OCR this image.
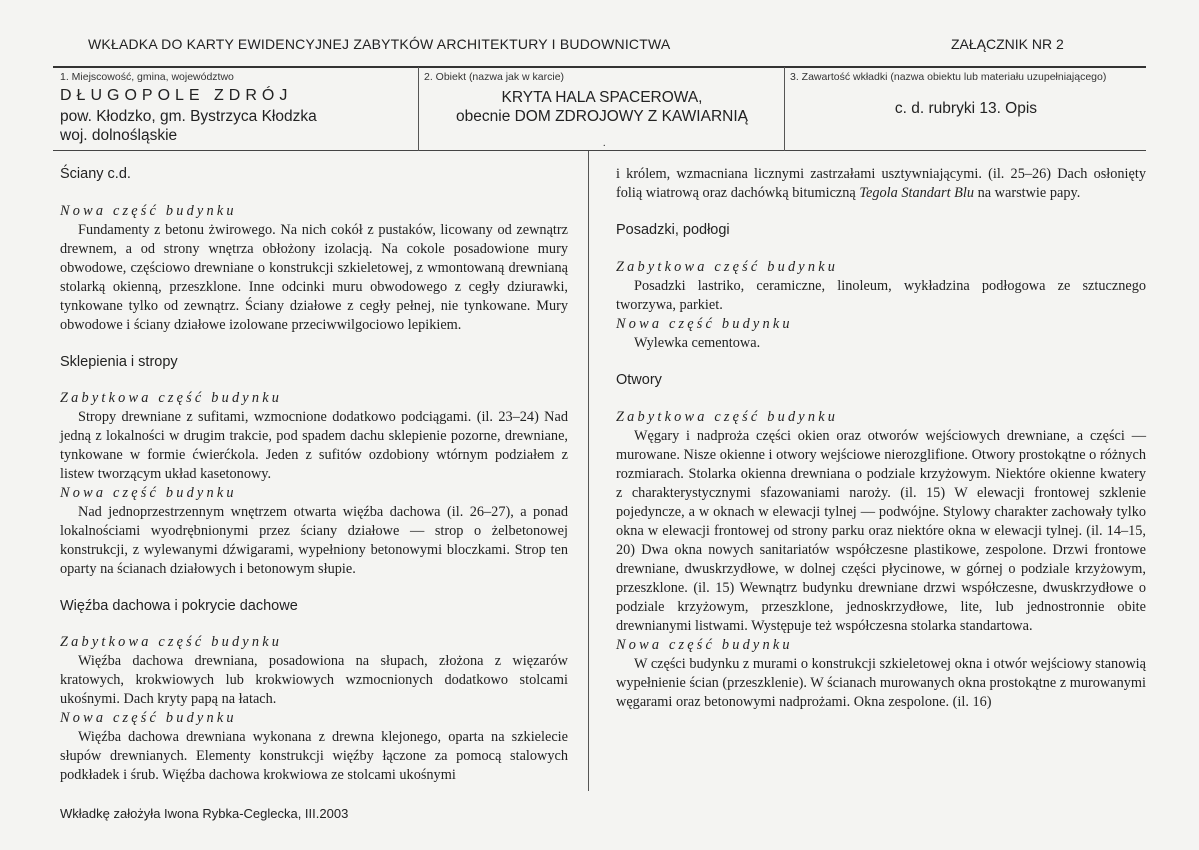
WKŁADKA DO KARTY EWIDENCYJNEJ ZABYTKÓW ARCHITEKTURY I BUDOWNICTWA	ZAŁĄCZNIK NR 2
1. Miejscowość, gmina, województwo
DŁUGOPOLE ZDRÓJ
pow. Kłodzko, gm. Bystrzyca Kłodzka
woj. dolnośląskie
2. Obiekt (nazwa jak w karcie)
KRYTA HALA SPACEROWA,
obecnie DOM ZDROJOWY Z KAWIARNIĄ
.
3. Zawartość wkładki (nazwa obiektu lub materiału uzupełniającego)
c. d. rubryki 13. Opis

Ściany c.d.

Nowa część budynku

Fundamenty z betonu żwirowego. Na nich cokół z pustaków, licowany od zewnątrz drewnem, a od strony wnętrza obłożony izolacją. Na cokole posadowione mury obwodowe, częściowo drewniane o konstrukcji szkieletowej, z wmontowaną drewnianą stolarką okienną, przeszklone. Inne odcinki muru obwodowego z cegły dziurawki, tynkowane tylko od zewnątrz. Ściany działowe z cegły pełnej, nie tynkowane. Mury obwodowe i ściany działowe izolowane przeciwwilgociowo lepikiem.

Sklepienia i stropy

Zabytkowa część budynku

Stropy drewniane z sufitami, wzmocnione dodatkowo podciągami. (il. 23–24) Nad jedną z lokalności w drugim trakcie, pod spadem dachu sklepienie pozorne, drewniane, tynkowane w formie ćwierćkola. Jeden z sufitów ozdobiony wtórnym podziałem z listew tworzącym układ kasetonowy.

Nowa część budynku

Nad jednoprzestrzennym wnętrzem otwarta więźba dachowa (il. 26–27), a ponad lokalnościami wyodrębnionymi przez ściany działowe — strop o żelbetonowej konstrukcji, z wylewanymi dźwigarami, wypełniony betonowymi bloczkami. Strop ten oparty na ścianach działowych i betonowym słupie.

Więźba dachowa i pokrycie dachowe

Zabytkowa część budynku

Więźba dachowa drewniana, posadowiona na słupach, złożona z więzarów kratowych, krokwiowych lub krokwiowych wzmocnionych dodatkowo stolcami ukośnymi. Dach kryty papą na łatach.

Nowa część budynku

Więźba dachowa drewniana wykonana z drewna klejonego, oparta na szkielecie słupów drewnianych. Elementy konstrukcji więźby łączone za pomocą stalowych podkładek i śrub. Więźba dachowa krokwiowa ze stolcami ukośnymi

i królem, wzmacniana licznymi zastrzałami usztywniającymi. (il. 25–26) Dach osłonięty folią wiatrową oraz dachówką bitumiczną Tegola Standart Blu na warstwie papy.

Posadzki, podłogi

Zabytkowa część budynku

Posadzki lastriko, ceramiczne, linoleum, wykładzina podłogowa ze sztucznego tworzywa, parkiet.

Nowa część budynku

Wylewka cementowa.

Otwory

Zabytkowa część budynku

Węgary i nadproża części okien oraz otworów wejściowych drewniane, a części — murowane. Nisze okienne i otwory wejściowe nierozglifione. Otwory prostokątne o różnych rozmiarach. Stolarka okienna drewniana o podziale krzyżowym. Niektóre okienne kwatery z charakterystycznymi sfazowaniami naroży. (il. 15) W elewacji frontowej szklenie pojedyncze, a w oknach w elewacji tylnej — podwójne. Stylowy charakter zachowały tylko okna w elewacji frontowej od strony parku oraz niektóre okna w elewacji tylnej. (il. 14–15, 20) Dwa okna nowych sanitariatów współczesne plastikowe, zespolone. Drzwi frontowe drewniane, dwuskrzydłowe, w dolnej części płycinowe, w górnej o podziale krzyżowym, przeszklone. (il. 15) Wewnątrz budynku drewniane drzwi współczesne, dwuskrzydłowe o podziale krzyżowym, przeszklone, jednoskrzydłowe, lite, lub jednostronnie obite drewnianymi listwami. Występuje też współczesna stolarka standartowa.

Nowa część budynku

W części budynku z murami o konstrukcji szkieletowej okna i otwór wejściowy stanowią wypełnienie ścian (przeszklenie). W ścianach murowanych okna prostokątne z murowanymi węgarami oraz betonowymi nadprożami. Okna zespolone. (il. 16)

Wkładkę założyła Iwona Rybka-Ceglecka, III.2003
